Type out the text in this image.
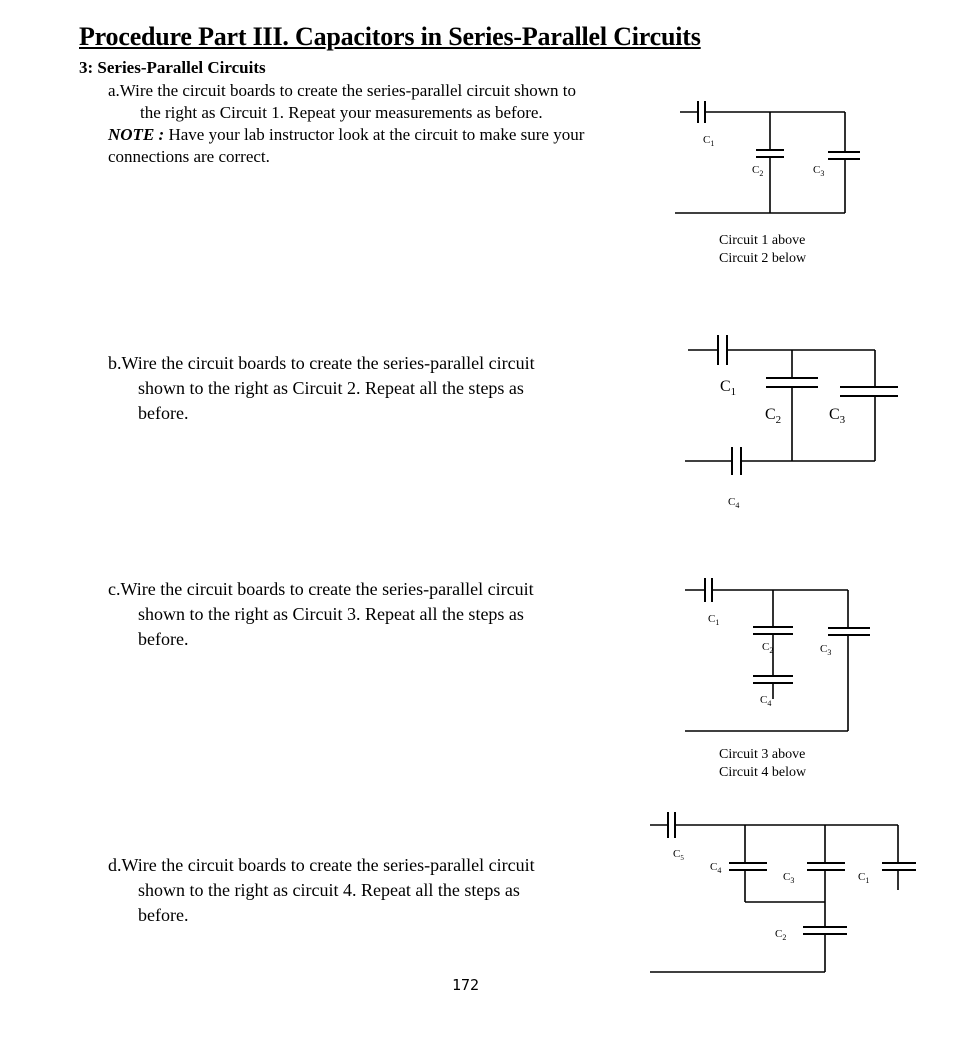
Procedure Part III. Capacitors in Series-Parallel Circuits
3: Series-Parallel Circuits
a.Wire the circuit boards to create the series-parallel circuit shown to
the right as Circuit 1. Repeat your measurements as before.
NOTE : Have your lab instructor look at the circuit to make sure your
connections are correct.
b.Wire the circuit boards to create the series-parallel circuit
shown to the right as Circuit 2. Repeat all the steps as
before.
c.Wire the circuit boards to create the series-parallel circuit
shown to the right as Circuit 3. Repeat all the steps as
before.
d.Wire the circuit boards to create the series-parallel circuit
shown to the right as circuit 4. Repeat all the steps as
before.
Circuit 1 above
Circuit 2 below
Circuit 3 above
Circuit 4 below
172
$C_1$
$C_2$	$C_3$
$C_1$
$C_2$	$C_3$
$C_4$
$C_1$
$C_2$	$C_3$
$C_4$
$C_5$
$C_4$
$C_3$	$C_1$
$C_2$
